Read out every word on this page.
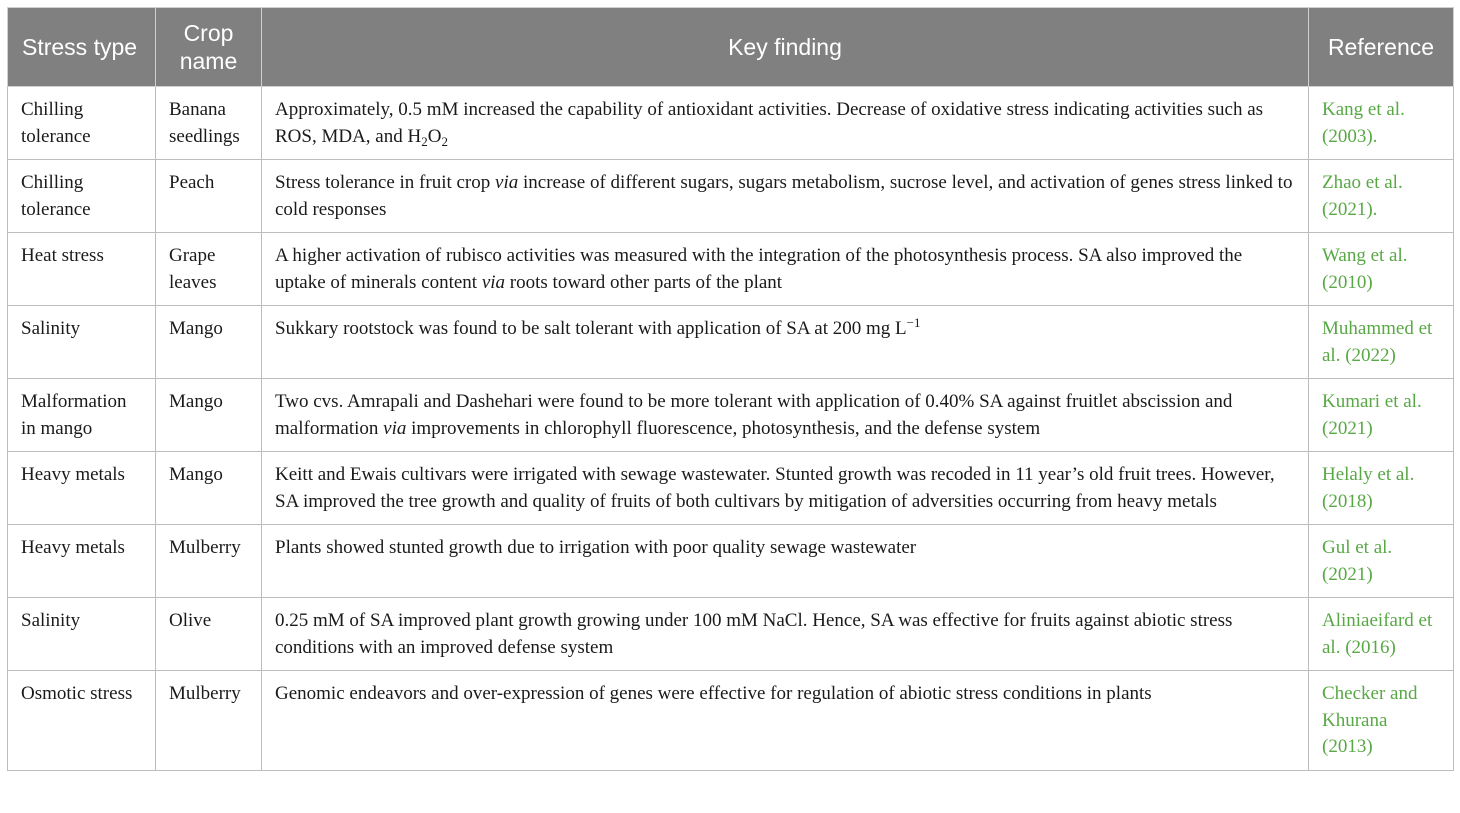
Stress type	Crop name	Key finding	Reference
Chilling tolerance	Banana seedlings	Approximately, 0.5 mM increased the capability of antioxidant activities. Decrease of oxidative stress indicating activities such as ROS, MDA, and $H_2O_2$	Kang et al. (2003).
Chilling tolerance	Peach	Stress tolerance in fruit crop via increase of different sugars, sugars metabolism, sucrose level, and activation of genes stress linked to cold responses	Zhao et al. (2021).
Heat stress	Grape leaves	A higher activation of rubisco activities was measured with the integration of the photosynthesis process. SA also improved the uptake of minerals content via roots toward other parts of the plant	Wang et al. (2010)
Salinity	Mango	Sukkary rootstock was found to be salt tolerant with application of SA at 200 mg $L^{-1}$	Muhammed et al. (2022)
Malformation in mango	Mango	Two cvs. Amrapali and Dashehari were found to be more tolerant with application of 0.40% SA against fruitlet abscission and malformation via improvements in chlorophyll fluorescence, photosynthesis, and the defense system	Kumari et al. (2021)
Heavy metals	Mango	Keitt and Ewais cultivars were irrigated with sewage wastewater. Stunted growth was recoded in 11 year’s old fruit trees. However, SA improved the tree growth and quality of fruits of both cultivars by mitigation of adversities occurring from heavy metals	Helaly et al. (2018)
Heavy metals	Mulberry	Plants showed stunted growth due to irrigation with poor quality sewage wastewater	Gul et al. (2021)
Salinity	Olive	0.25 mM of SA improved plant growth growing under 100 mM NaCl. Hence, SA was effective for fruits against abiotic stress conditions with an improved defense system	Aliniaeifard et al. (2016)
Osmotic stress	Mulberry	Genomic endeavors and over-expression of genes were effective for regulation of abiotic stress conditions in plants	Checker and Khurana (2013)
